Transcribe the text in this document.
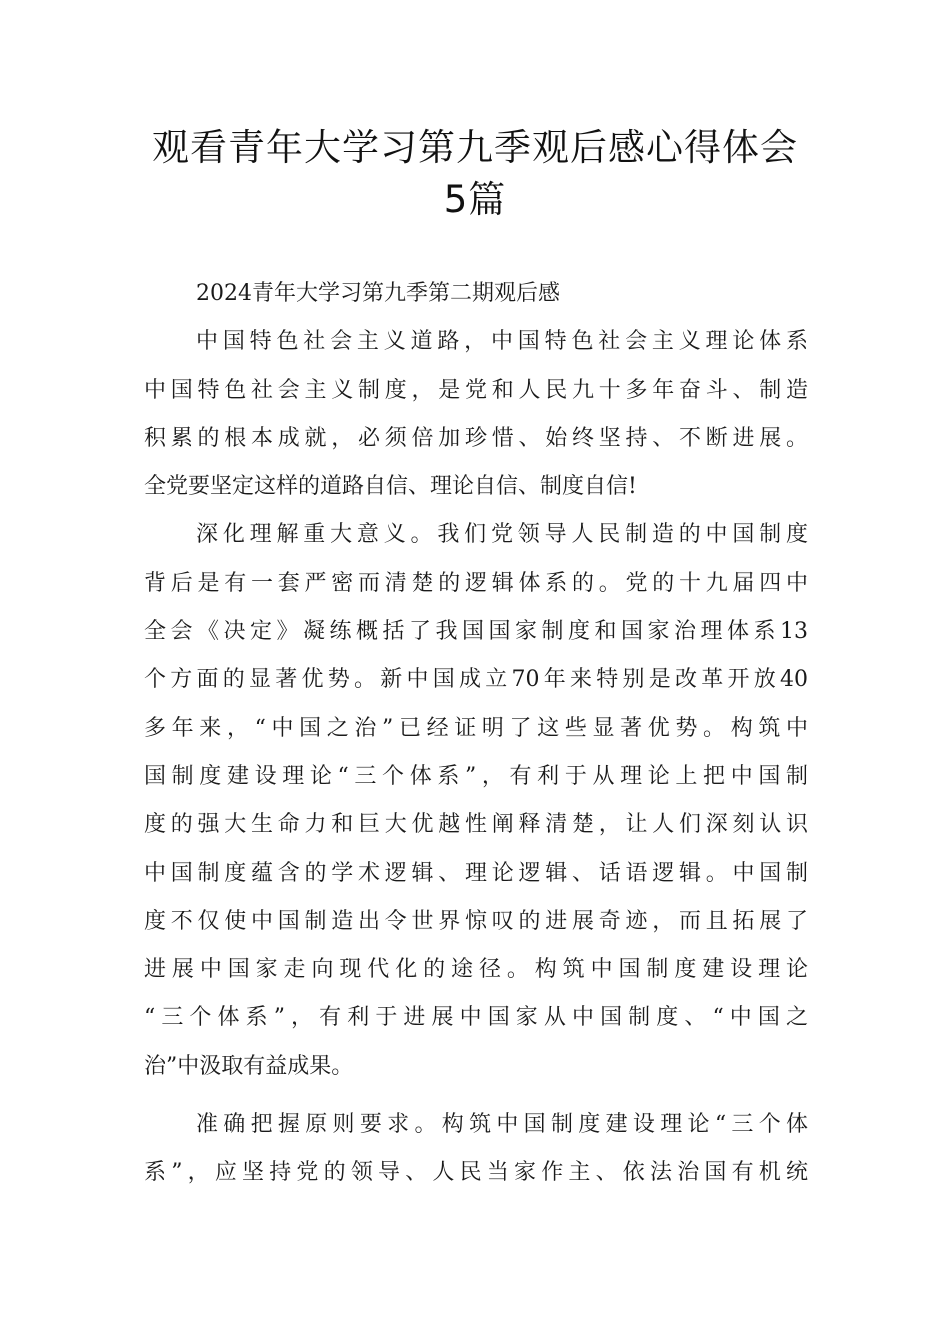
观看青年大学习第九季观后感心得体会
5篇
2024青年大学习第九季第二期观后感
中国特色社会主义道路，中国特色社会主义理论体系
中国特色社会主义制度，是党和人民九十多年奋斗、制造
积累的根本成就，必须倍加珍惜、始终坚持、不断进展。
全党要坚定这样的道路自信、理论自信、制度自信!
深化理解重大意义。我们党领导人民制造的中国制度
背后是有一套严密而清楚的逻辑体系的。党的十九届四中
全会《决定》凝练概括了我国国家制度和国家治理体系13
个方面的显著优势。新中国成立70年来特别是改革开放40
多年来，“中国之治”已经证明了这些显著优势。构筑中
国制度建设理论“三个体系”，有利于从理论上把中国制
度的强大生命力和巨大优越性阐释清楚，让人们深刻认识
中国制度蕴含的学术逻辑、理论逻辑、话语逻辑。中国制
度不仅使中国制造出令世界惊叹的进展奇迹，而且拓展了
进展中国家走向现代化的途径。构筑中国制度建设理论
“三个体系”，有利于进展中国家从中国制度、“中国之
治”中汲取有益成果。
准确把握原则要求。构筑中国制度建设理论“三个体
系”，应坚持党的领导、人民当家作主、依法治国有机统
